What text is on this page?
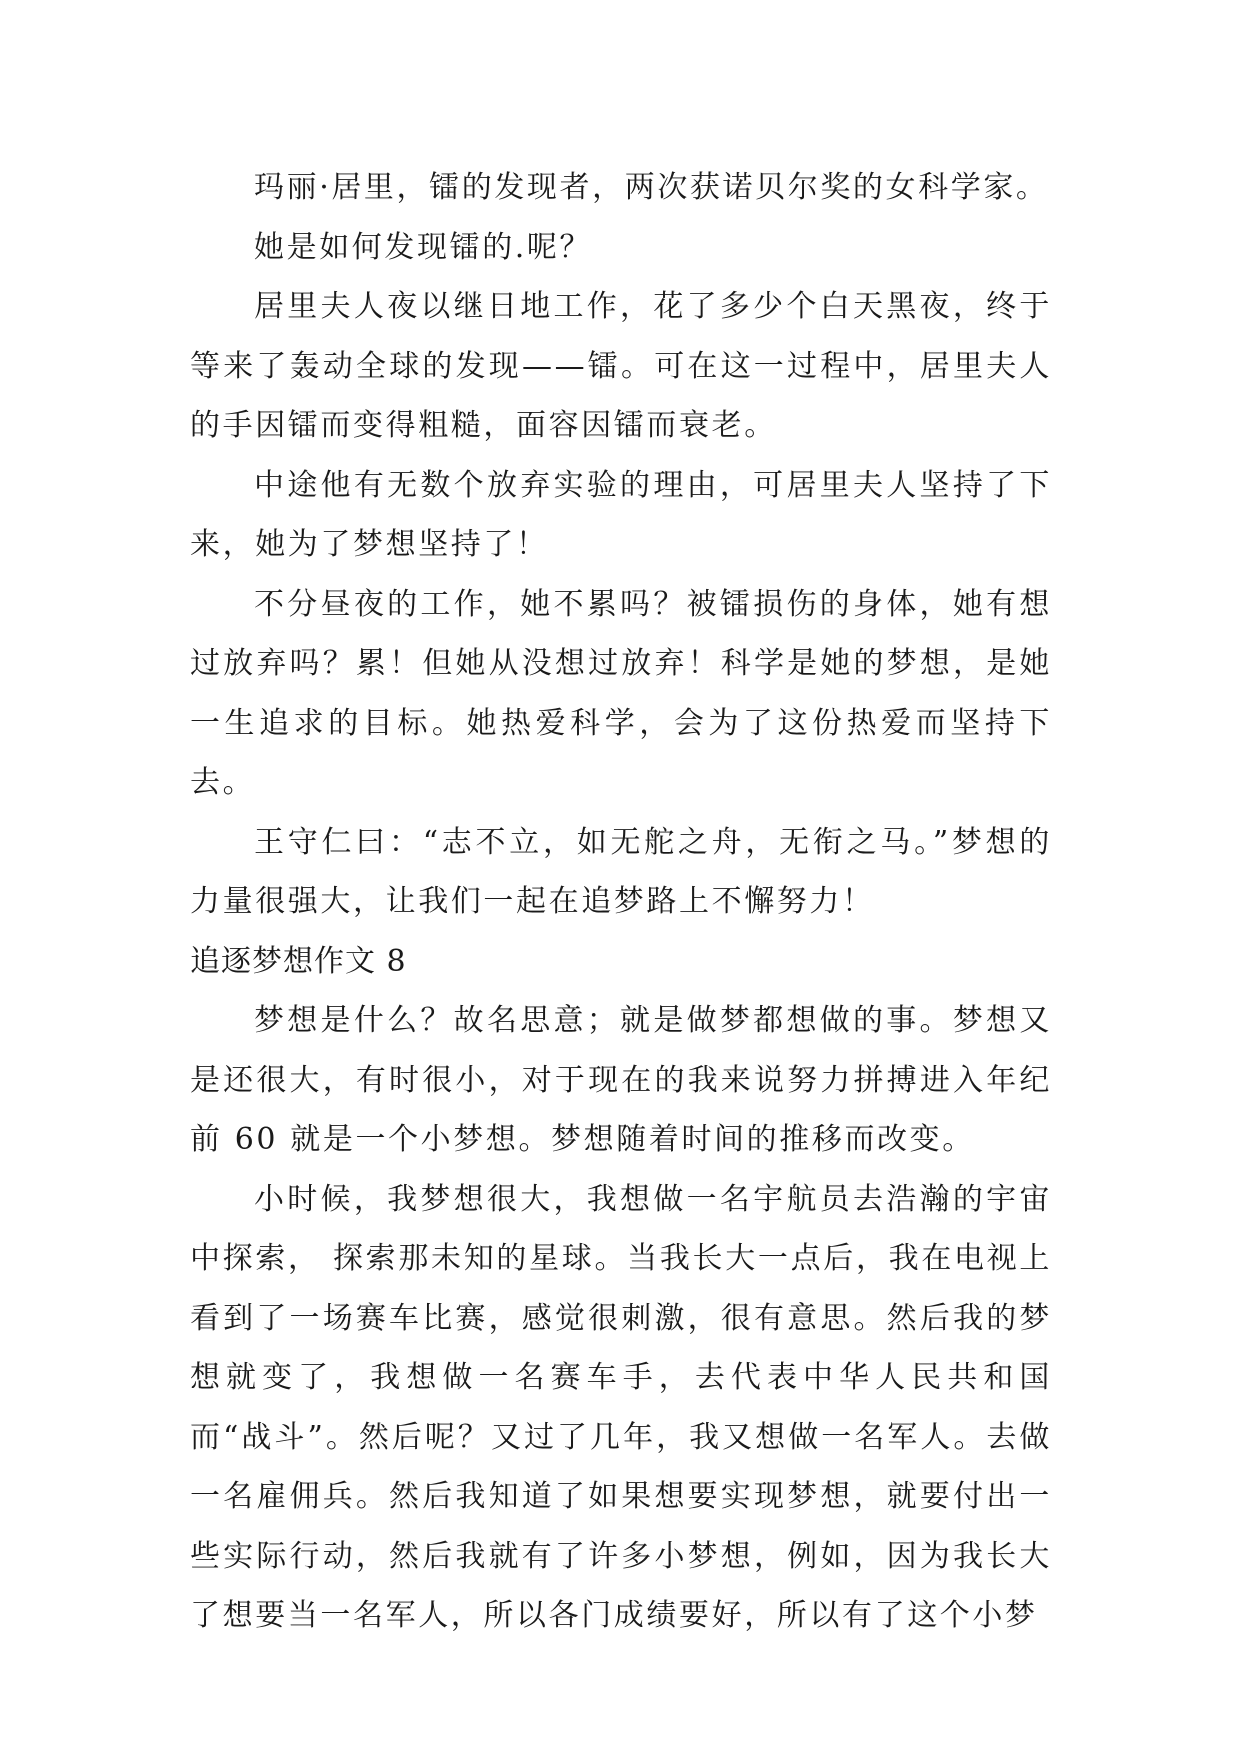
玛丽·居里，镭的发现者，两次获诺贝尔奖的女科学家。

她是如何发现镭的.呢？

居里夫人夜以继日地工作，花了多少个白天黑夜，终于等来了轰动全球的发现——镭。可在这一过程中，居里夫人的手因镭而变得粗糙，面容因镭而衰老。

中途他有无数个放弃实验的理由，可居里夫人坚持了下来，她为了梦想坚持了！

不分昼夜的工作，她不累吗？被镭损伤的身体，她有想过放弃吗？累！但她从没想过放弃！科学是她的梦想，是她一生追求的目标。她热爱科学，会为了这份热爱而坚持下去。

王守仁曰：“志不立，如无舵之舟，无衔之马。”梦想的力量很强大，让我们一起在追梦路上不懈努力！

追逐梦想作文 8

梦想是什么？故名思意；就是做梦都想做的事。梦想又是还很大，有时很小，对于现在的我来说努力拼搏进入年纪前 60 就是一个小梦想。梦想随着时间的推移而改变。

小时候，我梦想很大，我想做一名宇航员去浩瀚的宇宙中探索， 探索那未知的星球。当我长大一点后，我在电视上看到了一场赛车比赛，感觉很刺激，很有意思。然后我的梦想就变了，我想做一名赛车手，去代表中华人民共和国而“战斗”。然后呢？又过了几年，我又想做一名军人。去做一名雇佣兵。然后我知道了如果想要实现梦想，就要付出一些实际行动，然后我就有了许多小梦想，例如，因为我长大了想要当一名军人，所以各门成绩要好，所以有了这个小梦
